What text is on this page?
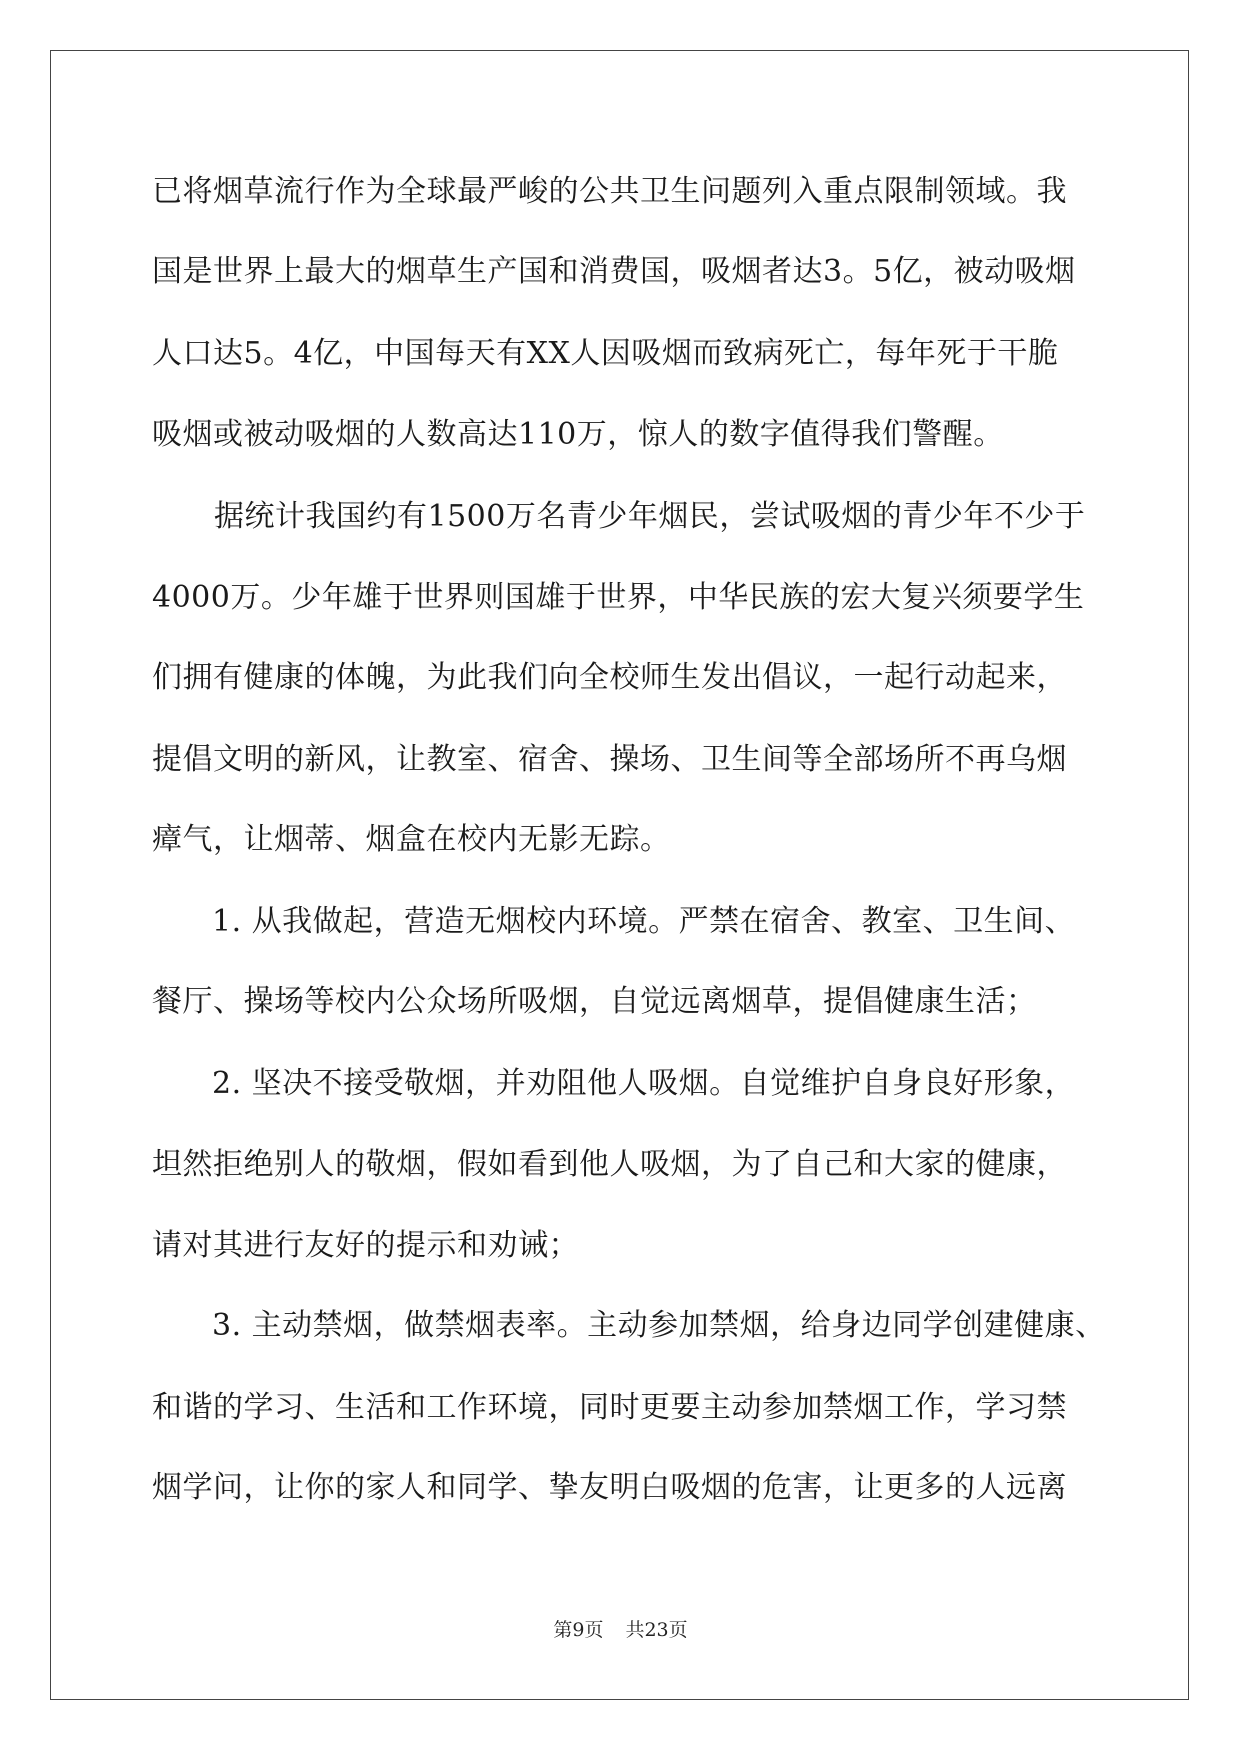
已将烟草流行作为全球最严峻的公共卫生问题列入重点限制领域。我
国是世界上最大的烟草生产国和消费国，吸烟者达3。5亿，被动吸烟
人口达5。4亿，中国每天有XX人因吸烟而致病死亡，每年死于干脆
吸烟或被动吸烟的人数高达110万，惊人的数字值得我们警醒。
据统计我国约有1500万名青少年烟民，尝试吸烟的青少年不少于
4000万。少年雄于世界则国雄于世界，中华民族的宏大复兴须要学生
们拥有健康的体魄，为此我们向全校师生发出倡议，一起行动起来，
提倡文明的新风，让教室、宿舍、操场、卫生间等全部场所不再乌烟
瘴气，让烟蒂、烟盒在校内无影无踪。
1. 从我做起，营造无烟校内环境。严禁在宿舍、教室、卫生间、
餐厅、操场等校内公众场所吸烟，自觉远离烟草，提倡健康生活；
2. 坚决不接受敬烟，并劝阻他人吸烟。自觉维护自身良好形象，
坦然拒绝别人的敬烟，假如看到他人吸烟，为了自己和大家的健康，
请对其进行友好的提示和劝诫；
3. 主动禁烟，做禁烟表率。主动参加禁烟，给身边同学创建健康、
和谐的学习、生活和工作环境，同时更要主动参加禁烟工作，学习禁
烟学问，让你的家人和同学、挚友明白吸烟的危害，让更多的人远离
第9页 共23页
